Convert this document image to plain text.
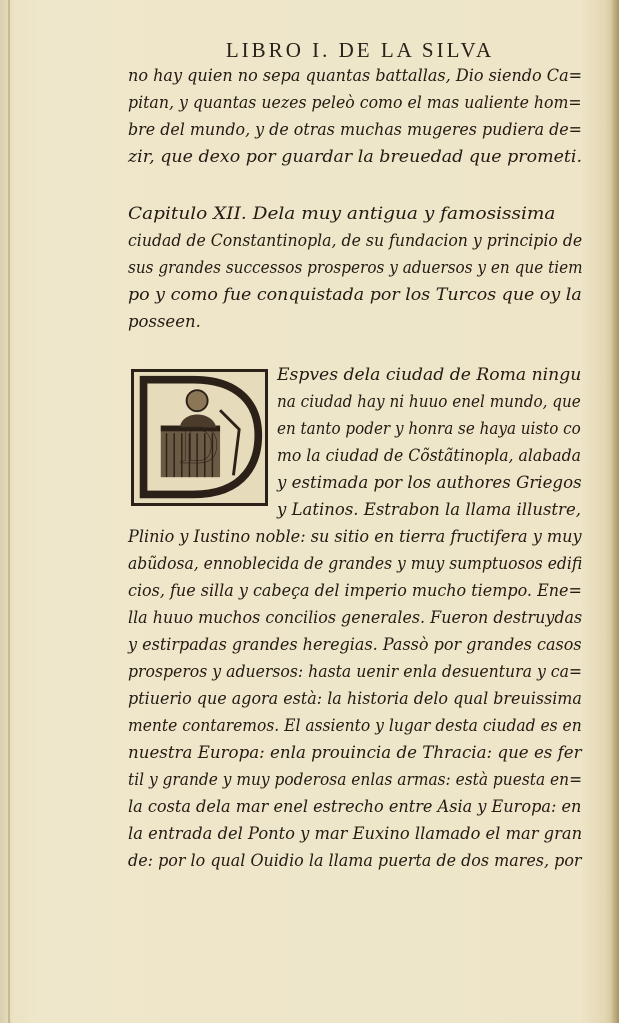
LIBRO I. DE LA SILVA
no hay quien no sepa quantas battallas, Dio siendo Ca=
pitan, y quantas uezes peleò como el mas ualiente hom=
bre del mundo, y de otras muchas mugeres pudiera de=
zir, que dexo por guardar la breuedad que prometi.
Capitulo XII. Dela muy antigua y famosissima
ciudad de Constantinopla, de su fundacion y principio de
sus grandes successos prosperos y aduersos y en que tiem
po y como fue conquistada por los Turcos que oy la
posseen.
D
Espves dela ciudad de Roma ningu
na ciudad hay ni huuo enel mundo, que
en tanto poder y honra se haya uisto co
mo la ciudad de Cõstãtinopla, alabada
y estimada por los authores Griegos
y Latinos. Estrabon la llama illustre,
Plinio y Iustino noble: su sitio en tierra fructifera y muy
abũdosa, ennoblecida de grandes y muy sumptuosos edifi
cios, fue silla y cabeça del imperio mucho tiempo. Ene=
lla huuo muchos concilios generales. Fueron destruydas
y estirpadas grandes heregias. Passò por grandes casos
prosperos y aduersos: hasta uenir enla desuentura y ca=
ptiuerio que agora està: la historia delo qual breuissima
mente contaremos. El assiento y lugar desta ciudad es en
nuestra Europa: enla prouincia de Thracia: que es fer
til y grande y muy poderosa enlas armas: està puesta en=
la costa dela mar enel estrecho entre Asia y Europa: en
la entrada del Ponto y mar Euxino llamado el mar gran
de: por lo qual Ouidio la llama puerta de dos mares, por
